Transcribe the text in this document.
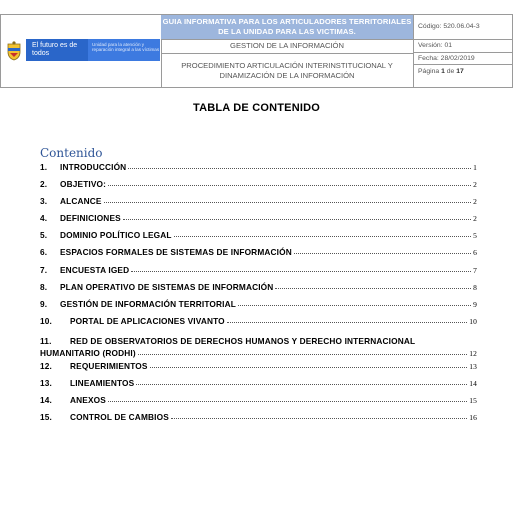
El futuro es de todos
Unidad para la atención y reparación integral a las víctimas
GUIA INFORMATIVA PARA LOS ARTICULADORES TERRITORIALES DE LA UNIDAD PARA LAS VICTIMAS.
GESTION DE LA INFORMACIÓN
PROCEDIMIENTO ARTICULACIÓN INTERINSTITUCIONAL Y DINAMIZACIÓN DE LA INFORMACIÓN
Código: 520.06.04-3
Versión: 01
Fecha: 28/02/2019
Página 1 de 17
TABLA DE CONTENIDO
Contenido
1.	INTRODUCCIÓN	1
2.	OBJETIVO:	2
3.	ALCANCE	2
4.	DEFINICIONES	2
5.	DOMINIO POLÍTICO LEGAL	5
6.	ESPACIOS FORMALES DE SISTEMAS DE INFORMACIÓN	6
7.	ENCUESTA IGED	7
8.	PLAN OPERATIVO DE SISTEMAS DE INFORMACIÓN	8
9.	GESTIÓN DE INFORMACIÓN TERRITORIAL	9
10.	PORTAL DE APLICACIONES VIVANTO	10
11. RED DE OBSERVATORIOS DE DERECHOS HUMANOS Y DERECHO INTERNACIONAL
HUMANITARIO (RODHI)	12
12.	REQUERIMIENTOS	13
13.	LINEAMIENTOS	14
14.	ANEXOS	15
15.	CONTROL DE CAMBIOS	16
